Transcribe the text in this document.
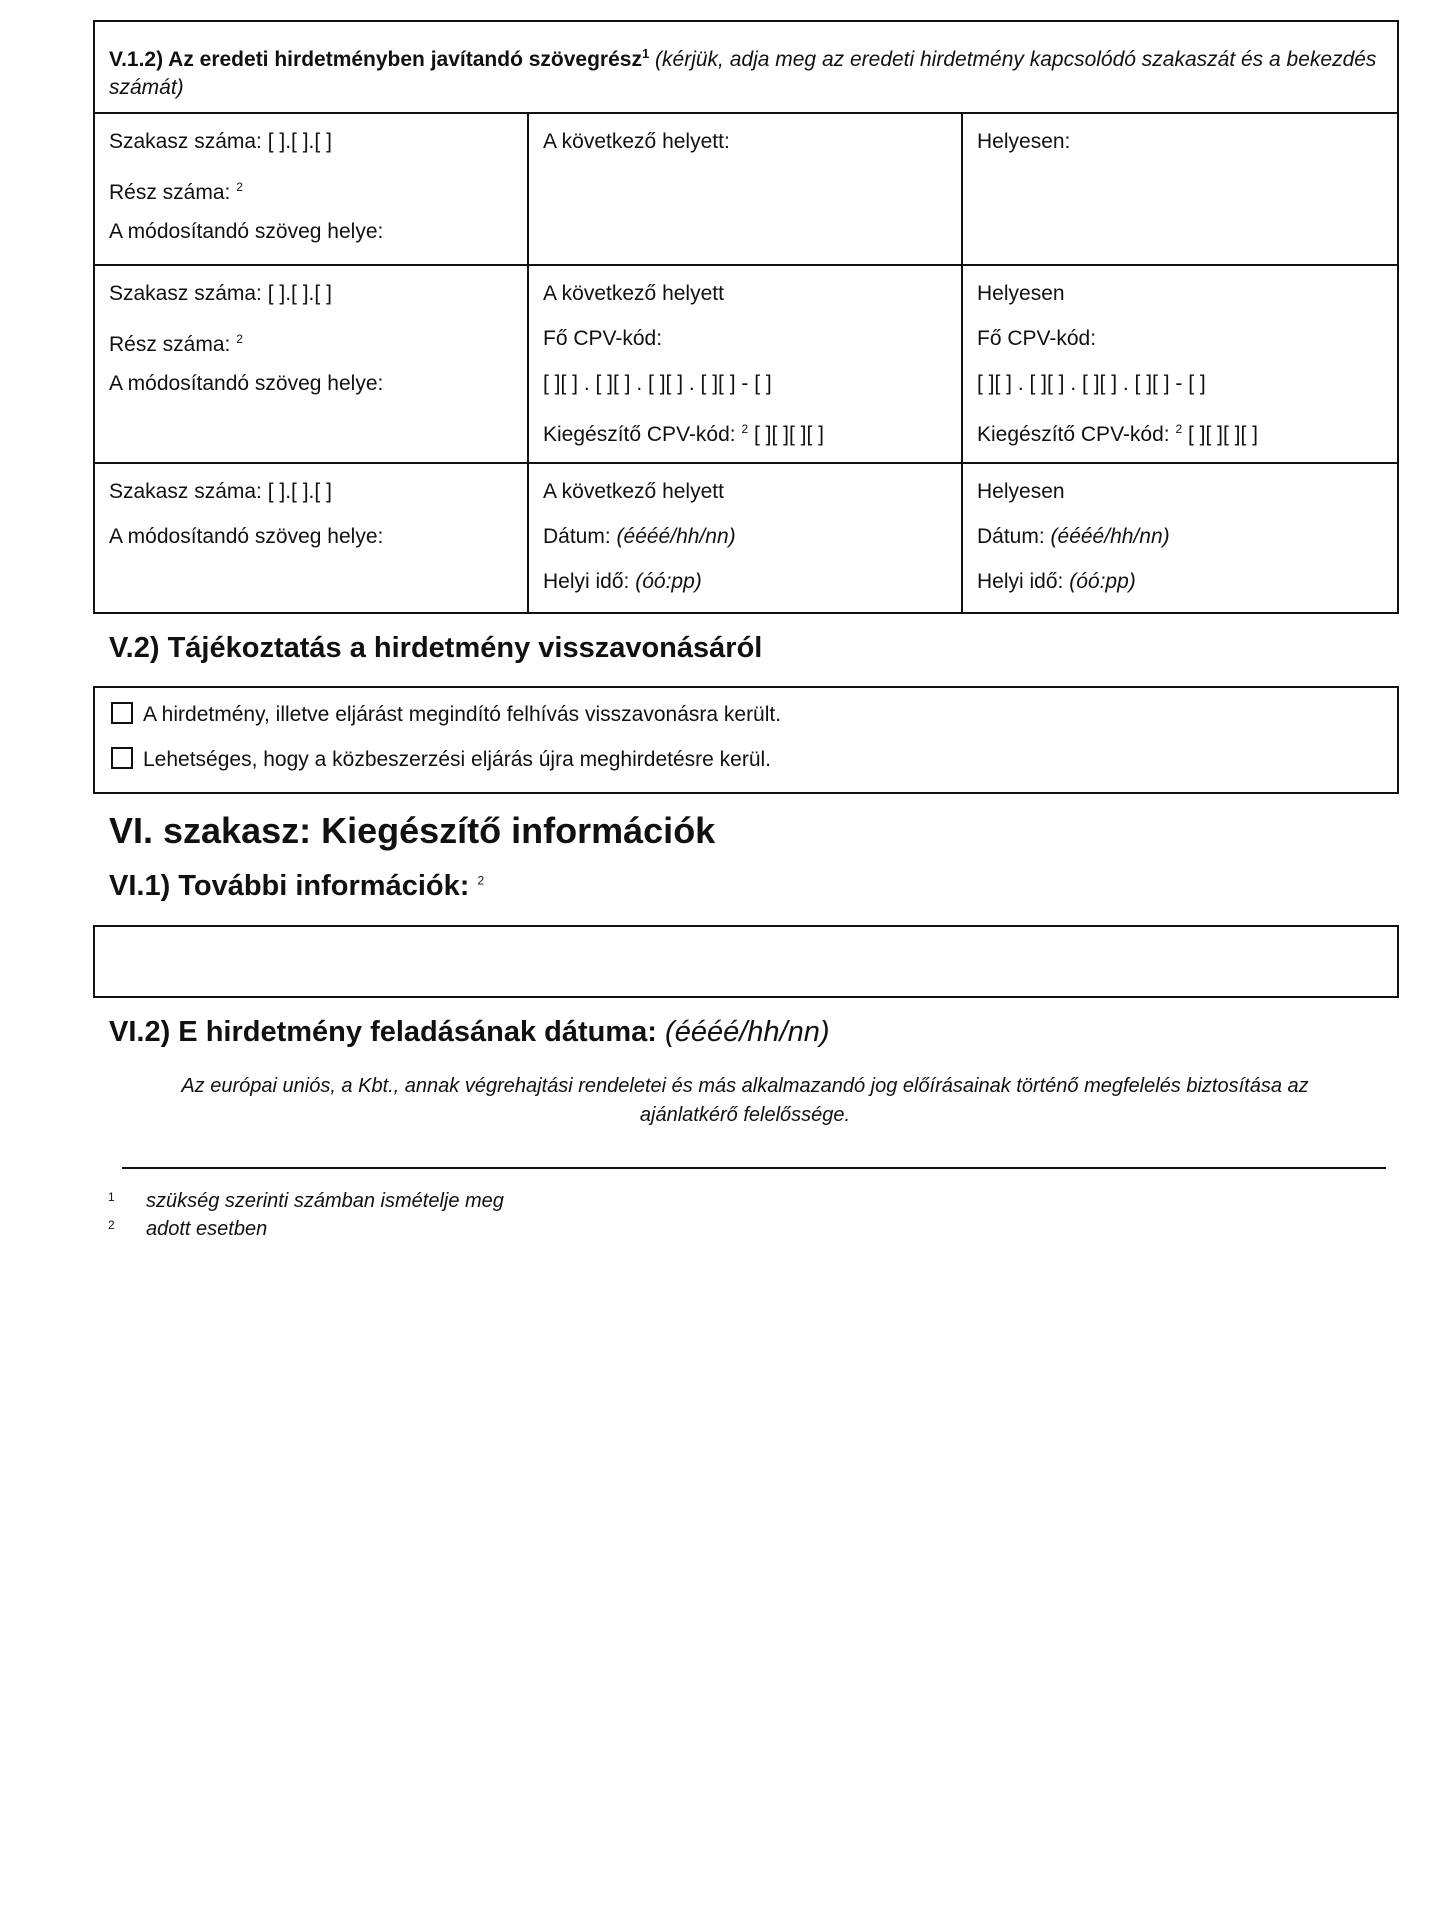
V.1.2) Az eredeti hirdetményben javítandó szövegrész$^1$ (kérjük, adja meg az eredeti hirdetmény kapcsolódó szakaszát és a bekezdés számát)
Szakasz száma: [ ].[ ].[ ]
Rész száma: $^2$
A módosítandó szöveg helye:
A következő helyett:	Helyesen:
Szakasz száma: [ ].[ ].[ ]
Rész száma: $^2$
A módosítandó szöveg helye:
A következő helyett
Fő CPV-kód:
[ ][ ] . [ ][ ] . [ ][ ] . [ ][ ] - [ ]
Kiegészítő CPV-kód: $^2$ [ ][ ][ ][ ]
Helyesen
Fő CPV-kód:
[ ][ ] . [ ][ ] . [ ][ ] . [ ][ ] - [ ]
Kiegészítő CPV-kód: $^2$ [ ][ ][ ][ ]
Szakasz száma: [ ].[ ].[ ]
A módosítandó szöveg helye:
A következő helyett
Dátum: (éééé/hh/nn)
Helyi idő: (óó:pp)
Helyesen
Dátum: (éééé/hh/nn)
Helyi idő: (óó:pp)
V.2) Tájékoztatás a hirdetmény visszavonásáról
A hirdetmény, illetve eljárást megindító felhívás visszavonásra került.
Lehetséges, hogy a közbeszerzési eljárás újra meghirdetésre kerül.
VI. szakasz: Kiegészítő információk
VI.1) További információk: $^2$
VI.2) E hirdetmény feladásának dátuma: (éééé/hh/nn)
Az európai uniós, a Kbt., annak végrehajtási rendeletei és más alkalmazandó jog előírásainak történő megfelelés biztosítása az ajánlatkérő felelőssége.
1 szükség szerinti számban ismételje meg
2 adott esetben
